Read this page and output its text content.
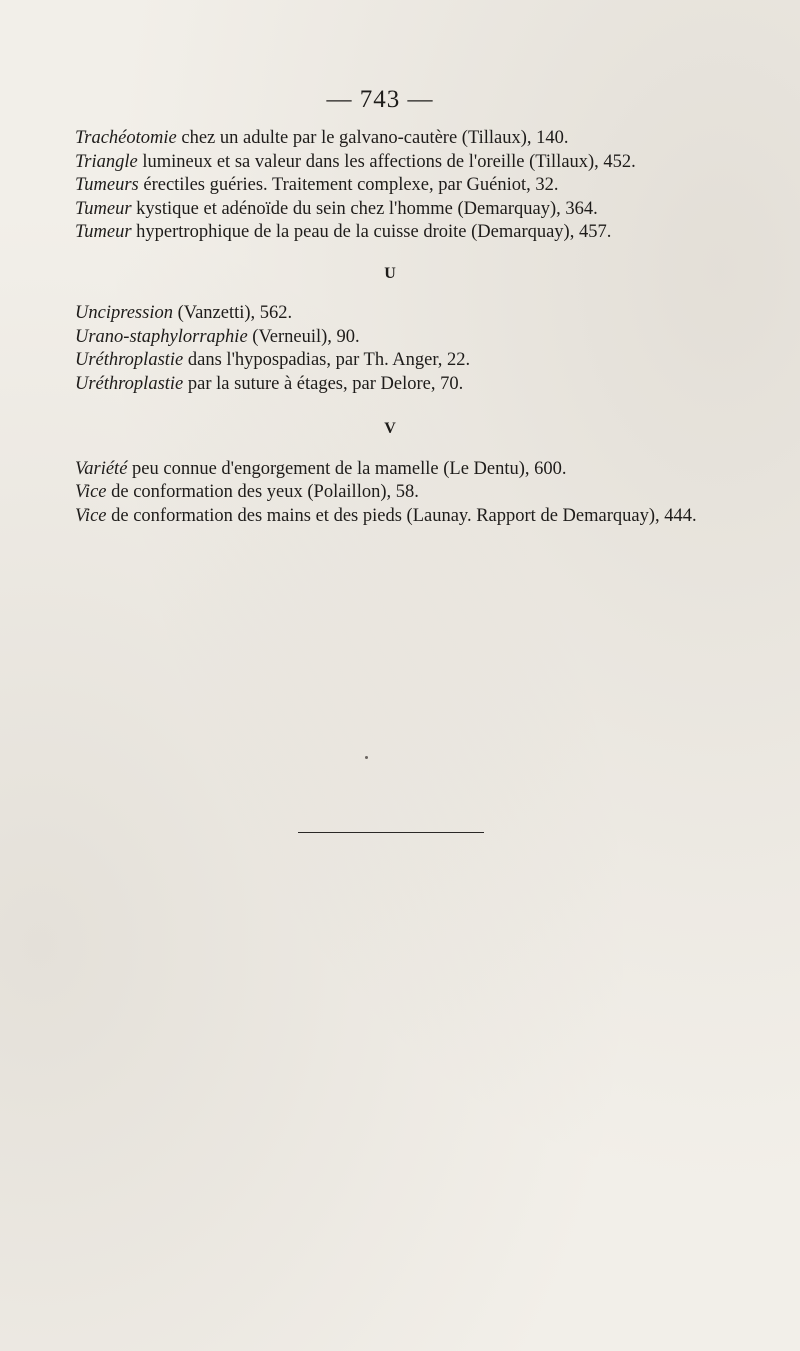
— 743 —

Trachéotomie chez un adulte par le galvano-cautère (Tillaux), 140.

Triangle lumineux et sa valeur dans les affections de l'oreille (Tillaux), 452.

Tumeurs érectiles guéries. Traitement complexe, par Guéniot, 32.

Tumeur kystique et adénoïde du sein chez l'homme (Demarquay), 364.

Tumeur hypertrophique de la peau de la cuisse droite (Demarquay), 457.

U

Uncipression (Vanzetti), 562.

Urano-staphylorraphie (Verneuil), 90.

Uréthroplastie dans l'hypospadias, par Th. Anger, 22.

Uréthroplastie par la suture à étages, par Delore, 70.

V

Variété peu connue d'engorgement de la mamelle (Le Dentu), 600.

Vice de conformation des yeux (Polaillon), 58.

Vice de conformation des mains et des pieds (Launay. Rapport de Demarquay), 444.
